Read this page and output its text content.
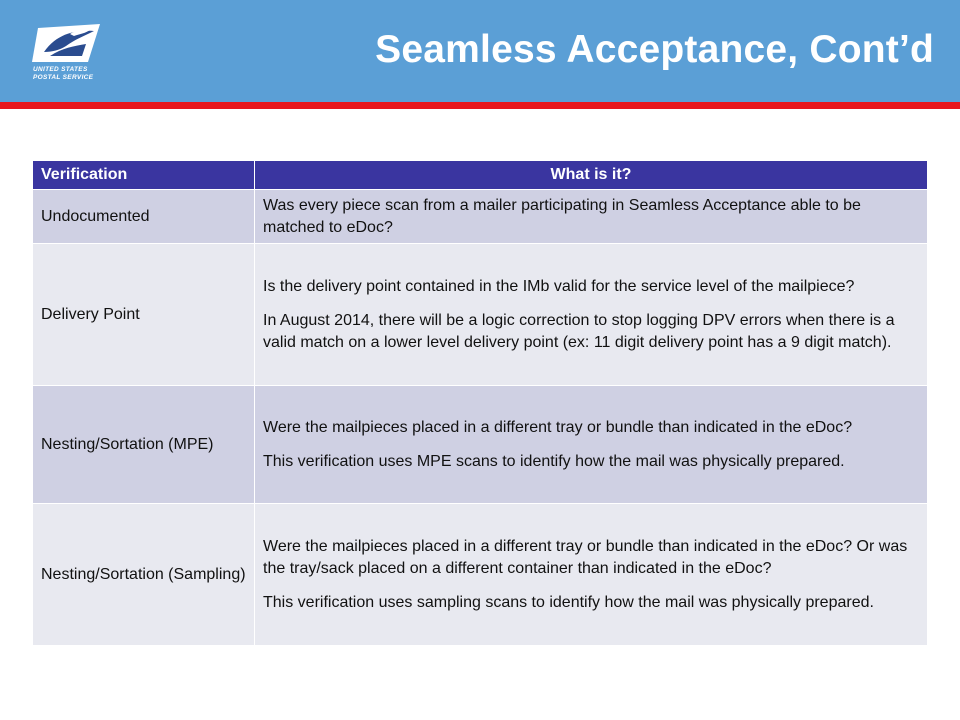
UNITED STATES
POSTAL SERVICE
Seamless Acceptance, Cont’d
Verification	What is it?
Undocumented	Was every piece scan from a mailer participating in Seamless Acceptance able to be matched to eDoc?

Delivery Point	Is the delivery point contained in the IMb valid for the service level of the mailpiece?

In August 2014, there will be a logic correction to stop logging DPV errors when there is a valid match on a lower level delivery point (ex: 11 digit delivery point has a 9 digit match).

Nesting/Sortation (MPE)	Were the mailpieces placed in a different tray or bundle than indicated in the eDoc?

This verification uses MPE scans to identify how the mail was physically prepared.

Nesting/Sortation (Sampling)	Were the mailpieces placed in a different tray or bundle than indicated in the eDoc? Or was the tray/sack placed on a different container than indicated in the eDoc?

This verification uses sampling scans to identify how the mail was physically prepared.
